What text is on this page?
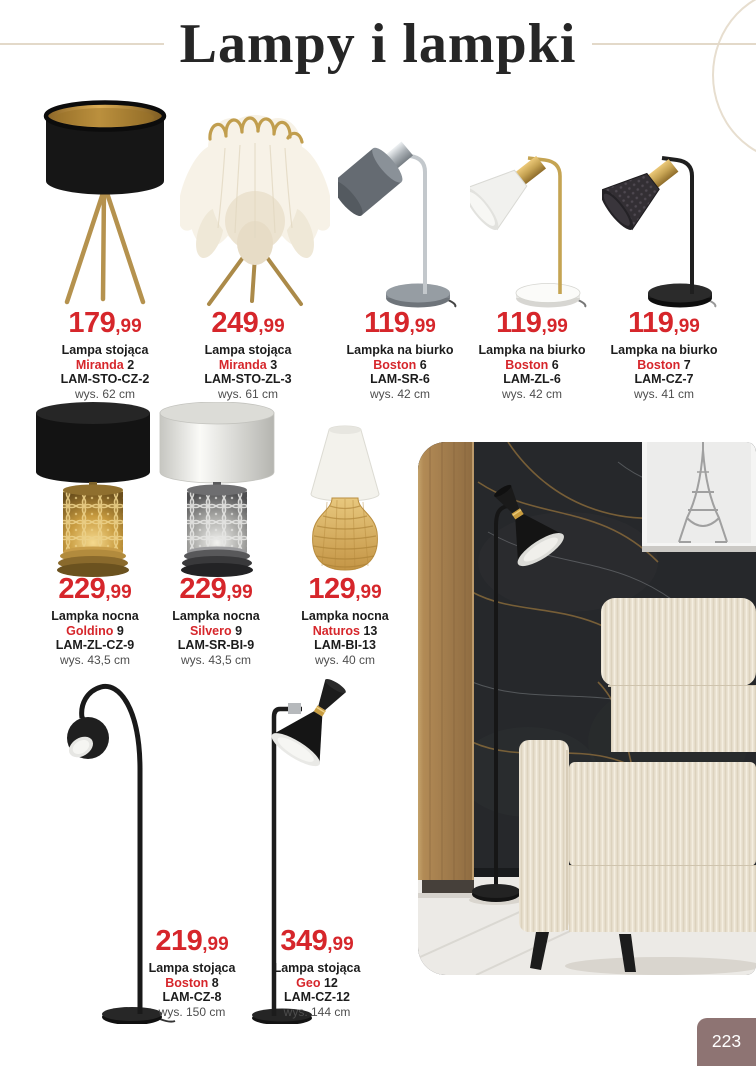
Lampy i lampki
179,99
Lampa stojąca
Miranda 2
LAM-STO-CZ-2
wys. 62 cm
249,99
Lampa stojąca
Miranda 3
LAM-STO-ZL-3
wys. 61 cm
119,99
Lampka na biurko
Boston 6
LAM-SR-6
wys. 42 cm
119,99
Lampka na biurko
Boston 6
LAM-ZL-6
wys. 42 cm
119,99
Lampka na biurko
Boston 7
LAM-CZ-7
wys. 41 cm
229,99
Lampka nocna
Goldino 9
LAM-ZL-CZ-9
wys. 43,5 cm
229,99
Lampka nocna
Silvero 9
LAM-SR-BI-9
wys. 43,5 cm
129,99
Lampka nocna
Naturos 13
LAM-BI-13
wys. 40 cm
219,99
Lampa stojąca
Boston 8
LAM-CZ-8
wys. 150 cm
349,99
Lampa stojąca
Geo 12
LAM-CZ-12
wys. 144 cm
223
